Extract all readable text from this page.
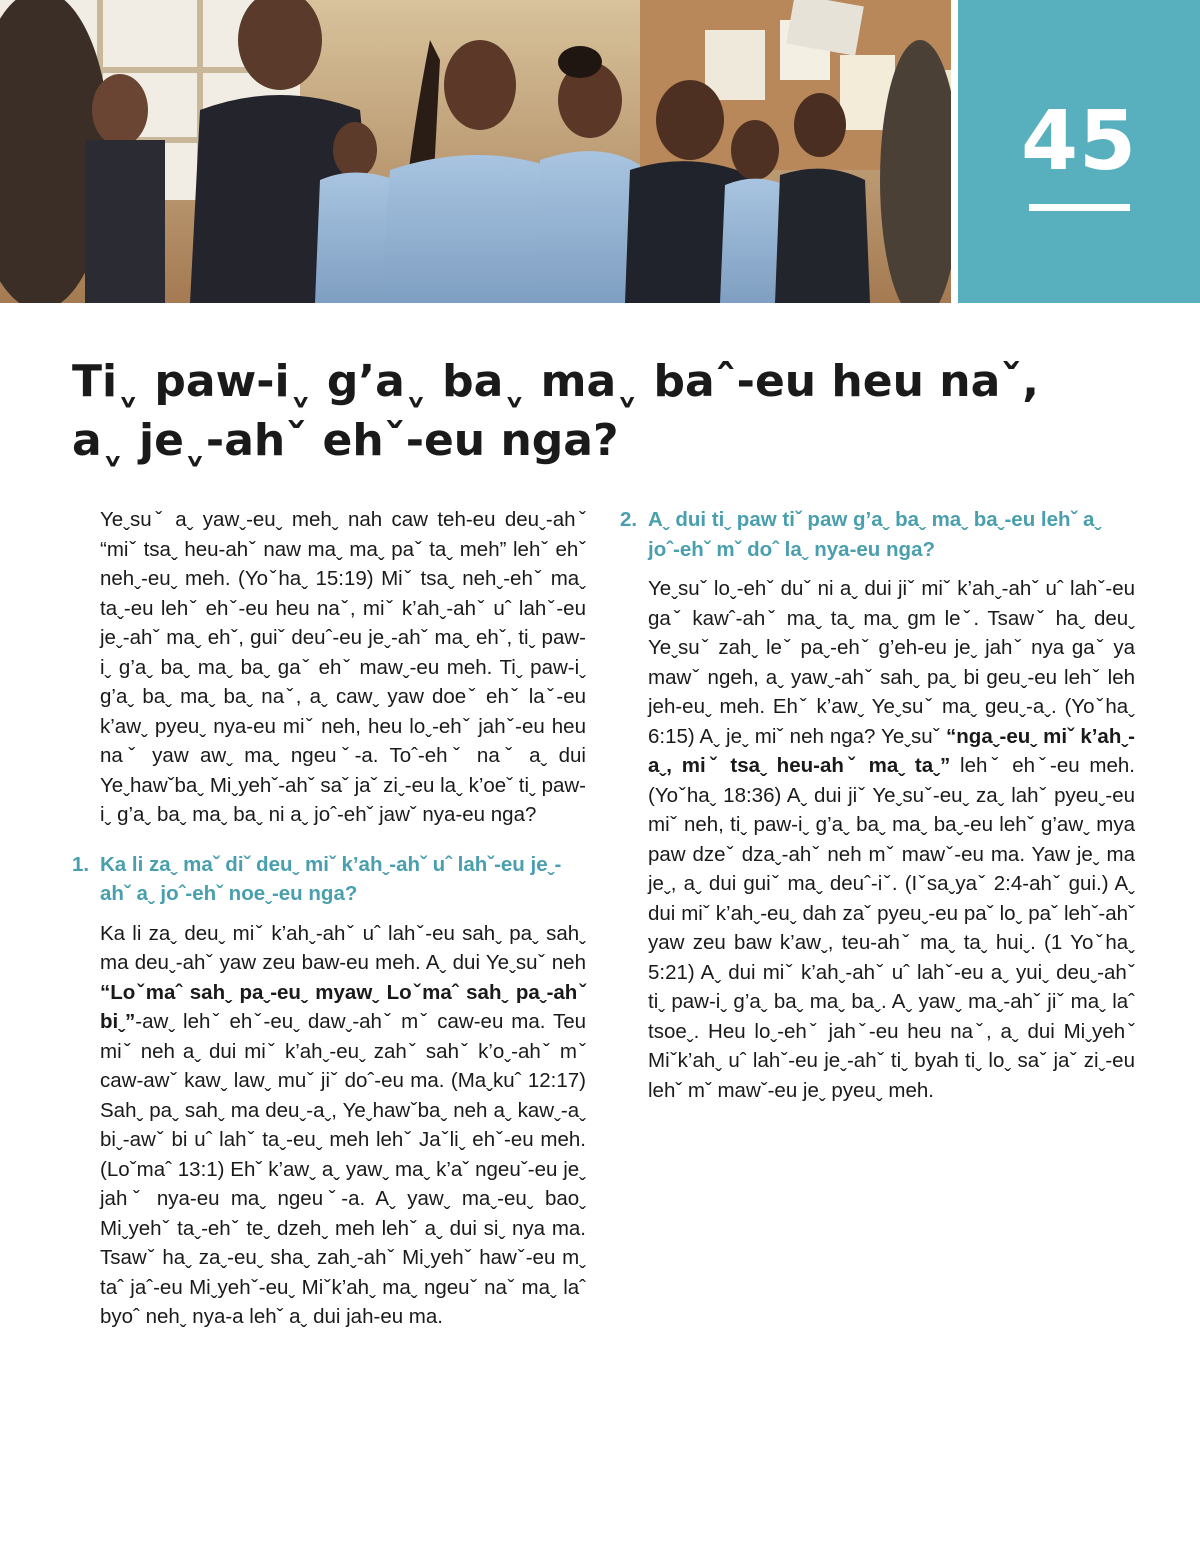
45
Tiˬ paw-iˬ g’aˬ baˬ maˬ baˆ-eu heu naˇ,
aˬ jeˬ-ahˇ ehˇ-eu nga?

Yeˬsuˇ aˬ yawˬ-euˬ mehˬ nah caw teh-eu deuˬ-ahˇ “miˇ tsaˬ heu-ahˇ naw maˬ maˬ paˇ taˬ meh” lehˇ ehˇ nehˬ-euˬ meh. (Yoˇhaˬ 15:19) Miˇ tsaˬ nehˬ-ehˇ maˬ taˬ-eu lehˇ ehˇ-eu heu naˇ, miˇ k’ahˬ-ahˇ uˆ lahˇ-eu jeˬ-ahˇ maˬ ehˇ, guiˇ deuˆ-eu jeˬ-ahˇ maˬ ehˇ, tiˬ paw-iˬ g’aˬ baˬ maˬ baˬ gaˇ ehˇ mawˬ-eu meh. Tiˬ paw-iˬ g’aˬ baˬ maˬ baˬ naˇ, aˬ cawˬ yaw doeˇ ehˇ laˇ-eu k’awˬ pyeuˬ nya-eu miˇ neh, heu loˬ-ehˇ jahˇ-eu heu naˇ yaw awˬ maˬ ngeuˇ-a. Toˆ-ehˇ naˇ aˬ dui Yeˬhawˇbaˬ Miˬyehˇ-ahˇ saˇ jaˇ ziˬ-eu laˬ k’oeˇ tiˬ paw-iˬ g’aˬ baˬ maˬ baˬ ni aˬ joˆ-ehˇ jawˇ nya-eu nga?

1. Ka li zaˬ maˇ diˇ deuˬ miˇ k’ahˬ-ahˇ uˆ lahˇ-eu jeˬ-ahˇ aˬ joˆ-ehˇ noeˬ-eu nga?

Ka li zaˬ deuˬ miˇ k’ahˬ-ahˇ uˆ lahˇ-eu sahˬ paˬ sahˬ ma deuˬ-ahˇ yaw zeu baw-eu meh. Aˬ dui Yeˬsuˇ neh “Loˇmaˆ sahˬ paˬ-euˬ myawˬ Loˇmaˆ sahˬ paˬ-ahˇ biˬ”-awˬ lehˇ ehˇ-euˬ dawˬ-ahˇ mˇ caw-eu ma. Teu miˇ neh aˬ dui miˇ k’ahˬ-euˬ zahˇ sahˇ k’oˬ-ahˇ mˇ caw-awˇ kawˬ lawˬ muˇ jiˇ doˆ-eu ma. (Maˬkuˆ 12:17) Sahˬ paˬ sahˬ ma deuˬ-aˬ, Yeˬhawˇbaˬ neh aˬ kawˬ-aˬ biˬ-awˇ bi uˆ lahˇ taˬ-euˬ meh lehˇ Jaˇliˬ ehˇ-eu meh. (Loˇmaˆ 13:1) Ehˇ k’awˬ aˬ yawˬ maˬ k’aˇ ngeuˇ-eu jeˬ jahˇ nya-eu maˬ ngeuˇ-a. Aˬ yawˬ maˬ-euˬ baoˬ Miˬyehˇ taˬ-ehˇ teˬ dzehˬ meh lehˇ aˬ dui siˬ nya ma. Tsawˇ haˬ zaˬ-euˬ shaˬ zahˬ-ahˇ Miˬyehˇ hawˇ-eu mˬ taˆ jaˆ-eu Miˬyehˇ-euˬ Miˇk’ahˬ maˬ ngeuˇ naˇ maˬ laˆ byoˆ nehˬ nya-a lehˇ aˬ dui jah-eu ma.

2. Aˬ dui tiˬ paw tiˇ paw g’aˬ baˬ maˬ baˬ-eu lehˇ aˬ joˆ-ehˇ mˇ doˆ laˬ nya-eu nga?

Yeˬsuˇ loˬ-ehˇ duˇ ni aˬ dui jiˇ miˇ k’ahˬ-ahˇ uˆ lahˇ-eu gaˇ kawˆ-ahˇ maˬ taˬ maˬ gm leˇ. Tsawˇ haˬ deuˬ Yeˬsuˇ zahˬ leˇ paˬ-ehˇ g’eh-eu jeˬ jahˇ nya gaˇ ya mawˇ ngeh, aˬ yawˬ-ahˇ sahˬ paˬ bi geuˬ-eu lehˇ leh jeh-euˬ meh. Ehˇ k’awˬ Yeˬsuˇ maˬ geuˬ-aˬ. (Yoˇhaˬ 6:15) Aˬ jeˬ miˇ neh nga? Yeˬsuˇ “ngaˬ-euˬ miˇ k’ahˬ-aˬ, miˇ tsaˬ heu-ahˇ maˬ taˬ” lehˇ ehˇ-eu meh. (Yoˇhaˬ 18:36) Aˬ dui jiˇ Yeˬsuˇ-euˬ zaˬ lahˇ pyeuˬ-eu miˇ neh, tiˬ paw-iˬ g’aˬ baˬ maˬ baˬ-eu lehˇ g’awˬ mya paw dzeˇ dzaˬ-ahˇ neh mˇ mawˇ-eu ma. Yaw jeˬ ma jeˬ, aˬ dui guiˇ maˬ deuˆ-iˇ. (Iˇsaˬyaˇ 2:4-ahˇ gui.) Aˬ dui miˇ k’ahˬ-euˬ dah zaˇ pyeuˬ-eu paˇ loˬ paˇ lehˇ-ahˇ yaw zeu baw k’awˬ, teu-ahˇ maˬ taˬ huiˬ. (1 Yoˇhaˬ 5:21) Aˬ dui miˇ k’ahˬ-ahˇ uˆ lahˇ-eu aˬ yuiˬ deuˬ-ahˇ tiˬ paw-iˬ g’aˬ baˬ maˬ baˬ. Aˬ yawˬ maˬ-ahˇ jiˇ maˬ laˆ tsoeˬ. Heu loˬ-ehˇ jahˇ-eu heu naˇ, aˬ dui Miˬyehˇ Miˇk’ahˬ uˆ lahˇ-eu jeˬ-ahˇ tiˬ byah tiˬ loˬ saˇ jaˇ ziˬ-eu lehˇ mˇ mawˇ-eu jeˬ pyeuˬ meh.
